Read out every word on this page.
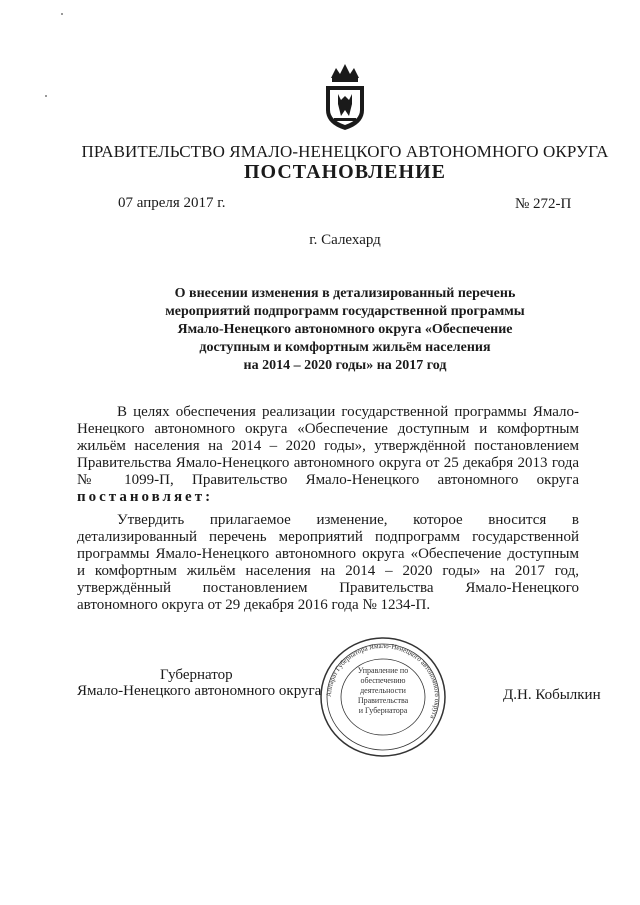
ПРАВИТЕЛЬСТВО ЯМАЛО-НЕНЕЦКОГО АВТОНОМНОГО ОКРУГА
ПОСТАНОВЛЕНИЕ
07 апреля 2017 г.	№ 272-П
г. Салехард
О внесении изменения в детализированный перечень
мероприятий подпрограмм государственной программы
Ямало-Ненецкого автономного округа «Обеспечение
доступным и комфортным жильём населения
на 2014 – 2020 годы» на 2017 год
В целях обеспечения реализации государственной программы Ямало-Ненецкого автономного округа «Обеспечение доступным и комфортным жильём населения на 2014 – 2020 годы», утверждённой постановлением Правительства Ямало-Ненецкого автономного округа от 25 декабря 2013 года № 1099-П, Правительство Ямало-Ненецкого автономного округа постановляет:
Утвердить прилагаемое изменение, которое вносится в детализированный перечень мероприятий подпрограмм государственной программы Ямало-Ненецкого автономного округа «Обеспечение доступным и комфортным жильём населения на 2014 – 2020 годы» на 2017 год, утверждённый постановлением Правительства Ямало-Ненецкого автономного округа от 29 декабря 2016 года № 1234-П.
Губернатор
Ямало-Ненецкого автономного округа	Д.Н. Кобылкин
Аппарат Губернатора Ямало-Ненецкого автономного округа
Управление по
обеспечению
деятельности
Правительства
и Губернатора
